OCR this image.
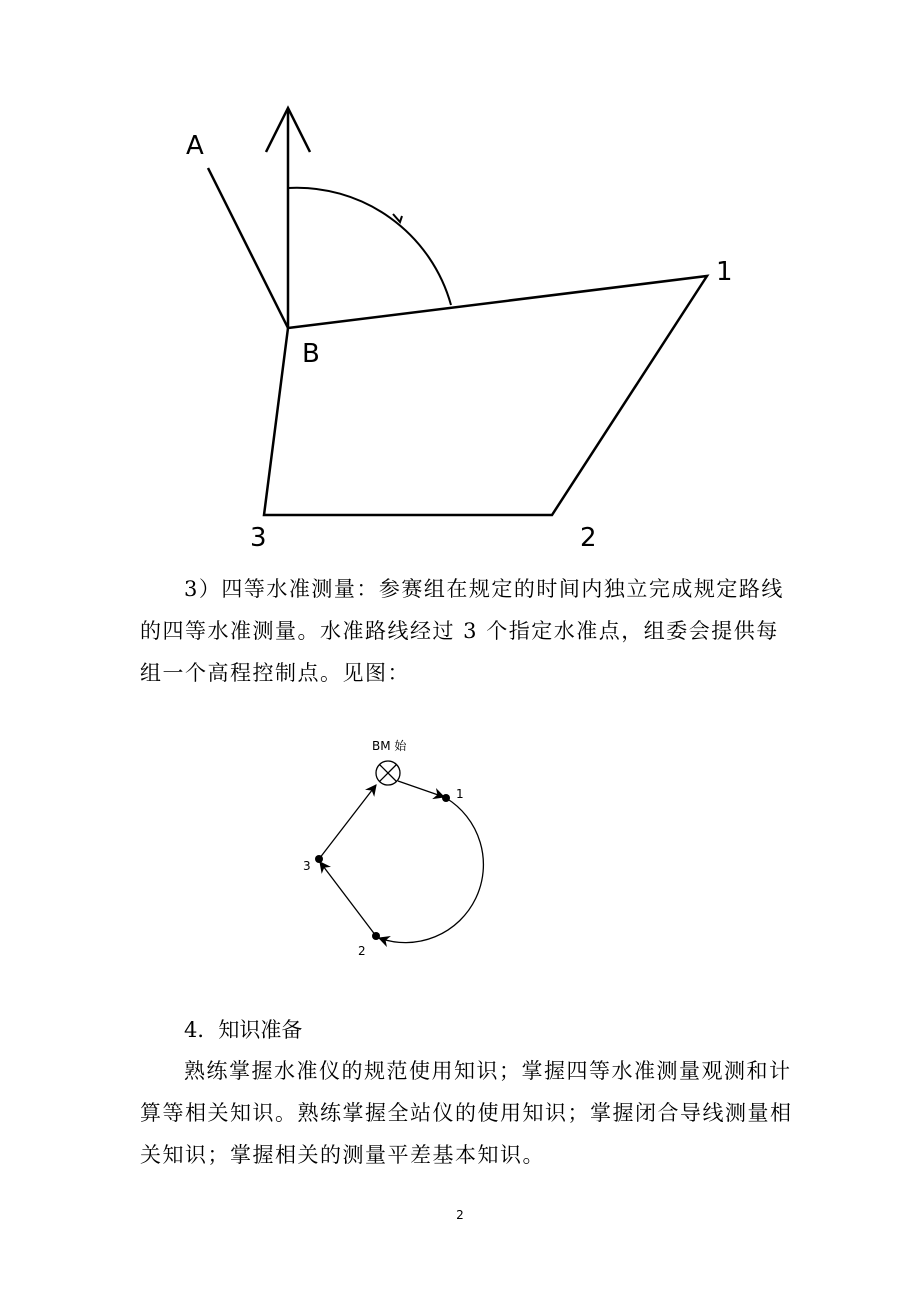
A
B
1
2
3

3）四等水准测量：参赛组在规定的时间内独立完成规定路线的四等水准测量。水准路线经过 3 个指定水准点，组委会提供每组一个高程控制点。见图：

BM 始
1
2
3

4．知识准备

熟练掌握水准仪的规范使用知识；掌握四等水准测量观测和计算等相关知识。熟练掌握全站仪的使用知识；掌握闭合导线测量相关知识；掌握相关的测量平差基本知识。

2
